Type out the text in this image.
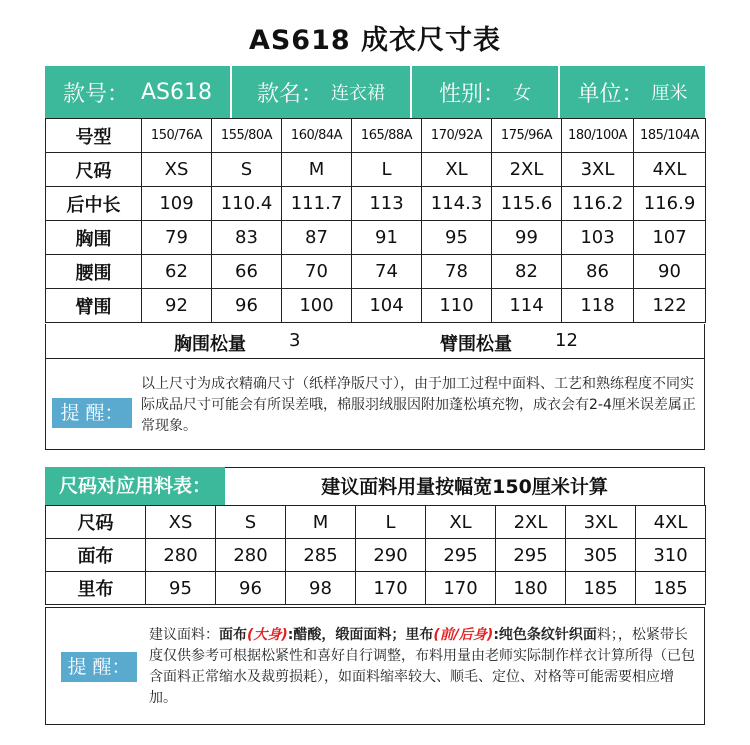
AS618 成衣尺寸表
款号： AS618 款名： 连衣裙 性别： 女 单位： 厘米
号型	150/76A	155/80A	160/84A	165/88A	170/92A	175/96A	180/100A	185/104A
尺码	XS	S	M	L	XL	2XL	3XL	4XL
后中长	109	110.4	111.7	113	114.3	115.6	116.2	116.9
胸围	79	83	87	91	95	99	103	107
腰围	62	66	70	74	78	82	86	90
臂围	92	96	100	104	110	114	118	122
胸围松量 3	臂围松量 12
提 醒：
以上尺寸为成衣精确尺寸（纸样净版尺寸），由于加工过程中面料、工艺和熟练程度不同实际成品尺寸可能会有所误差哦，棉服羽绒服因附加蓬松填充物，成衣会有2-4厘米误差属正常现象。
尺码对应用料表：	建议面料用量按幅宽150厘米计算
尺码	XS	S	M	L	XL	2XL	3XL	4XL
面布	280	280	285	290	295	295	305	310
里布	95	96	98	170	170	180	185	185
提 醒：
建议面料：面布(大身):醋酸，缎面面料；里布(前/后身):纯色条纹针织面料；，松紧带长度仅供参考可根据松紧性和喜好自行调整，布料用量由老师实际制作样衣计算所得（已包含面料正常缩水及裁剪损耗），如面料缩率较大、顺毛、定位、对格等可能需要相应增加。
